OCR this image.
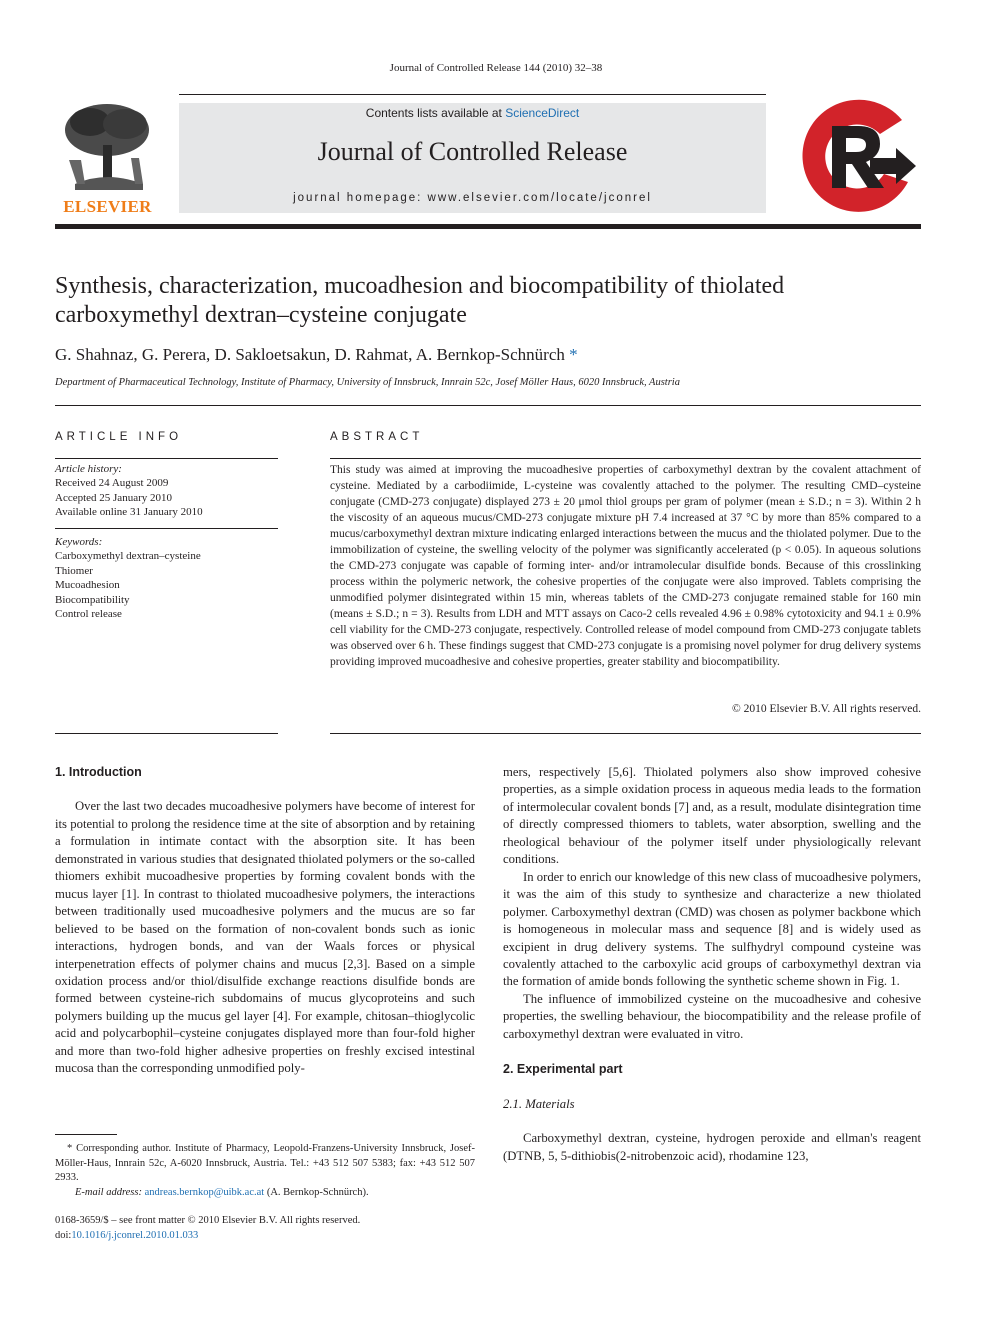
Journal of Controlled Release 144 (2010) 32–38
ELSEVIER
Contents lists available at ScienceDirect
Journal of Controlled Release
journal homepage: www.elsevier.com/locate/jconrel
Synthesis, characterization, mucoadhesion and biocompatibility of thiolated
carboxymethyl dextran–cysteine conjugate
G. Shahnaz, G. Perera, D. Sakloetsakun, D. Rahmat, A. Bernkop-Schnürch *
Department of Pharmaceutical Technology, Institute of Pharmacy, University of Innsbruck, Innrain 52c, Josef Möller Haus, 6020 Innsbruck, Austria
ARTICLE INFO
Article history:
Received 24 August 2009
Accepted 25 January 2010
Available online 31 January 2010
Keywords:
Carboxymethyl dextran–cysteine
Thiomer
Mucoadhesion
Biocompatibility
Control release
ABSTRACT
This study was aimed at improving the mucoadhesive properties of carboxymethyl dextran by the covalent attachment of cysteine. Mediated by a carbodiimide, L-cysteine was covalently attached to the polymer. The resulting CMD–cysteine conjugate (CMD-273 conjugate) displayed 273 ± 20 μmol thiol groups per gram of polymer (mean ± S.D.; n = 3). Within 2 h the viscosity of an aqueous mucus/CMD-273 conjugate mixture pH 7.4 increased at 37 °C by more than 85% compared to a mucus/carboxymethyl dextran mixture indicating enlarged interactions between the mucus and the thiolated polymer. Due to the immobilization of cysteine, the swelling velocity of the polymer was significantly accelerated (p < 0.05). In aqueous solutions the CMD-273 conjugate was capable of forming inter- and/or intramolecular disulfide bonds. Because of this crosslinking process within the polymeric network, the cohesive properties of the conjugate were also improved. Tablets comprising the unmodified polymer disintegrated within 15 min, whereas tablets of the CMD-273 conjugate remained stable for 160 min (means ± S.D.; n = 3). Results from LDH and MTT assays on Caco-2 cells revealed 4.96 ± 0.98% cytotoxicity and 94.1 ± 0.9% cell viability for the CMD-273 conjugate, respectively. Controlled release of model compound from CMD-273 conjugate tablets was observed over 6 h. These findings suggest that CMD-273 conjugate is a promising novel polymer for drug delivery systems providing improved mucoadhesive and cohesive properties, greater stability and biocompatibility.
© 2010 Elsevier B.V. All rights reserved.
1. Introduction

Over the last two decades mucoadhesive polymers have become of interest for its potential to prolong the residence time at the site of absorption and by retaining a formulation in intimate contact with the absorption site. It has been demonstrated in various studies that designated thiolated polymers or the so-called thiomers exhibit mucoadhesive properties by forming covalent bonds with the mucus layer [1]. In contrast to thiolated mucoadhesive polymers, the interactions between traditionally used mucoadhesive polymers and the mucus are so far believed to be based on the formation of non-covalent bonds such as ionic interactions, hydrogen bonds, and van der Waals forces or physical interpenetration effects of polymer chains and mucus [2,3]. Based on a simple oxidation process and/or thiol/disulfide exchange reactions disulfide bonds are formed between cysteine-rich subdomains of mucus glycoproteins and such polymers building up the mucus gel layer [4]. For example, chitosan–thioglycolic acid and polycarbophil–cysteine conjugates displayed more than four-fold higher and more than two-fold higher adhesive properties on freshly excised intestinal mucosa than the corresponding unmodified poly-

mers, respectively [5,6]. Thiolated polymers also show improved cohesive properties, as a simple oxidation process in aqueous media leads to the formation of intermolecular covalent bonds [7] and, as a result, modulate disintegration time of directly compressed thiomers to tablets, water absorption, swelling and the rheological behaviour of the polymer itself under physiologically relevant conditions.

In order to enrich our knowledge of this new class of mucoadhesive polymers, it was the aim of this study to synthesize and characterize a new thiolated polymer. Carboxymethyl dextran (CMD) was chosen as polymer backbone which is homogeneous in molecular mass and sequence [8] and is widely used as excipient in drug delivery systems. The sulfhydryl compound cysteine was covalently attached to the carboxylic acid groups of carboxymethyl dextran via the formation of amide bonds following the synthetic scheme shown in Fig. 1.

The influence of immobilized cysteine on the mucoadhesive and cohesive properties, the swelling behaviour, the biocompatibility and the release profile of carboxymethyl dextran were evaluated in vitro.

2. Experimental part
2.1. Materials

Carboxymethyl dextran, cysteine, hydrogen peroxide and ellman's reagent (DTNB, 5, 5-dithiobis(2-nitrobenzoic acid), rhodamine 123,

* Corresponding author. Institute of Pharmacy, Leopold-Franzens-University Innsbruck, Josef-Möller-Haus, Innrain 52c, A-6020 Innsbruck, Austria. Tel.: +43 512 507 5383; fax: +43 512 507 2933.
E-mail address: andreas.bernkop@uibk.ac.at (A. Bernkop-Schnürch).
0168-3659/$ – see front matter © 2010 Elsevier B.V. All rights reserved.
doi:10.1016/j.jconrel.2010.01.033
